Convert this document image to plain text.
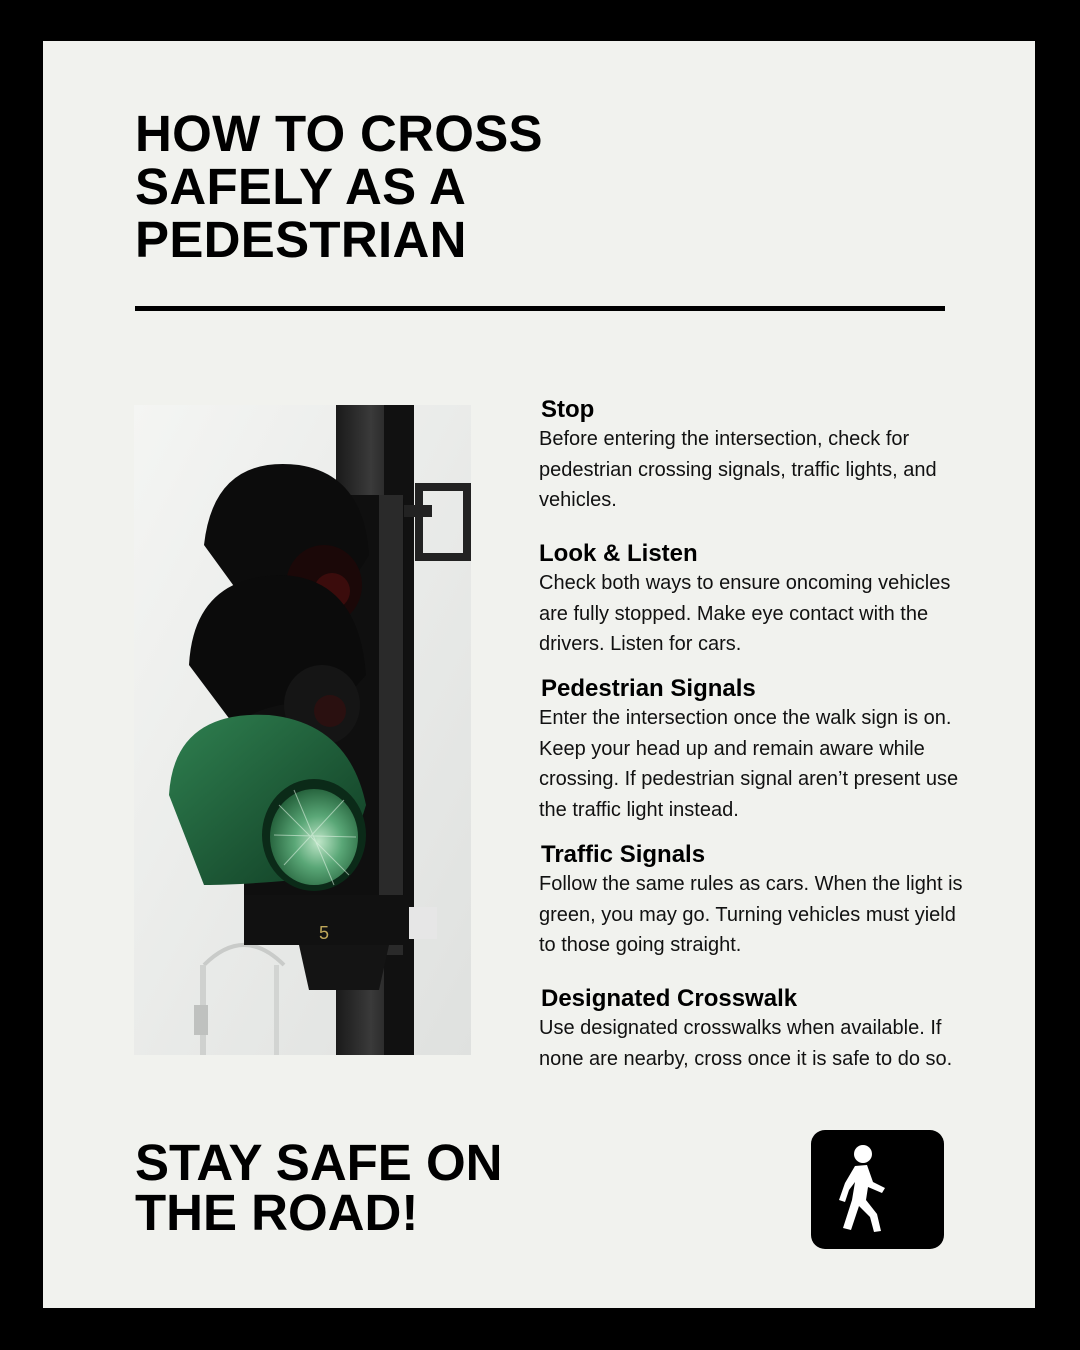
HOW TO CROSS
SAFELY AS A
PEDESTRIAN
5
Stop

Before entering the intersection, check for pedestrian crossing signals, traffic lights, and vehicles.

Look & Listen

Check both ways to ensure oncoming vehicles are fully stopped. Make eye contact with the drivers. Listen for cars.

Pedestrian Signals

Enter the intersection once the walk sign is on. Keep your head up and remain aware while crossing. If pedestrian signal aren’t present use the traffic light instead.

Traffic Signals

Follow the same rules as cars. When the light is green, you may go. Turning vehicles must yield to those going straight.

Designated Crosswalk

Use designated crosswalks when available. If none are nearby, cross once it is safe to do so.

STAY SAFE ON
THE ROAD!
